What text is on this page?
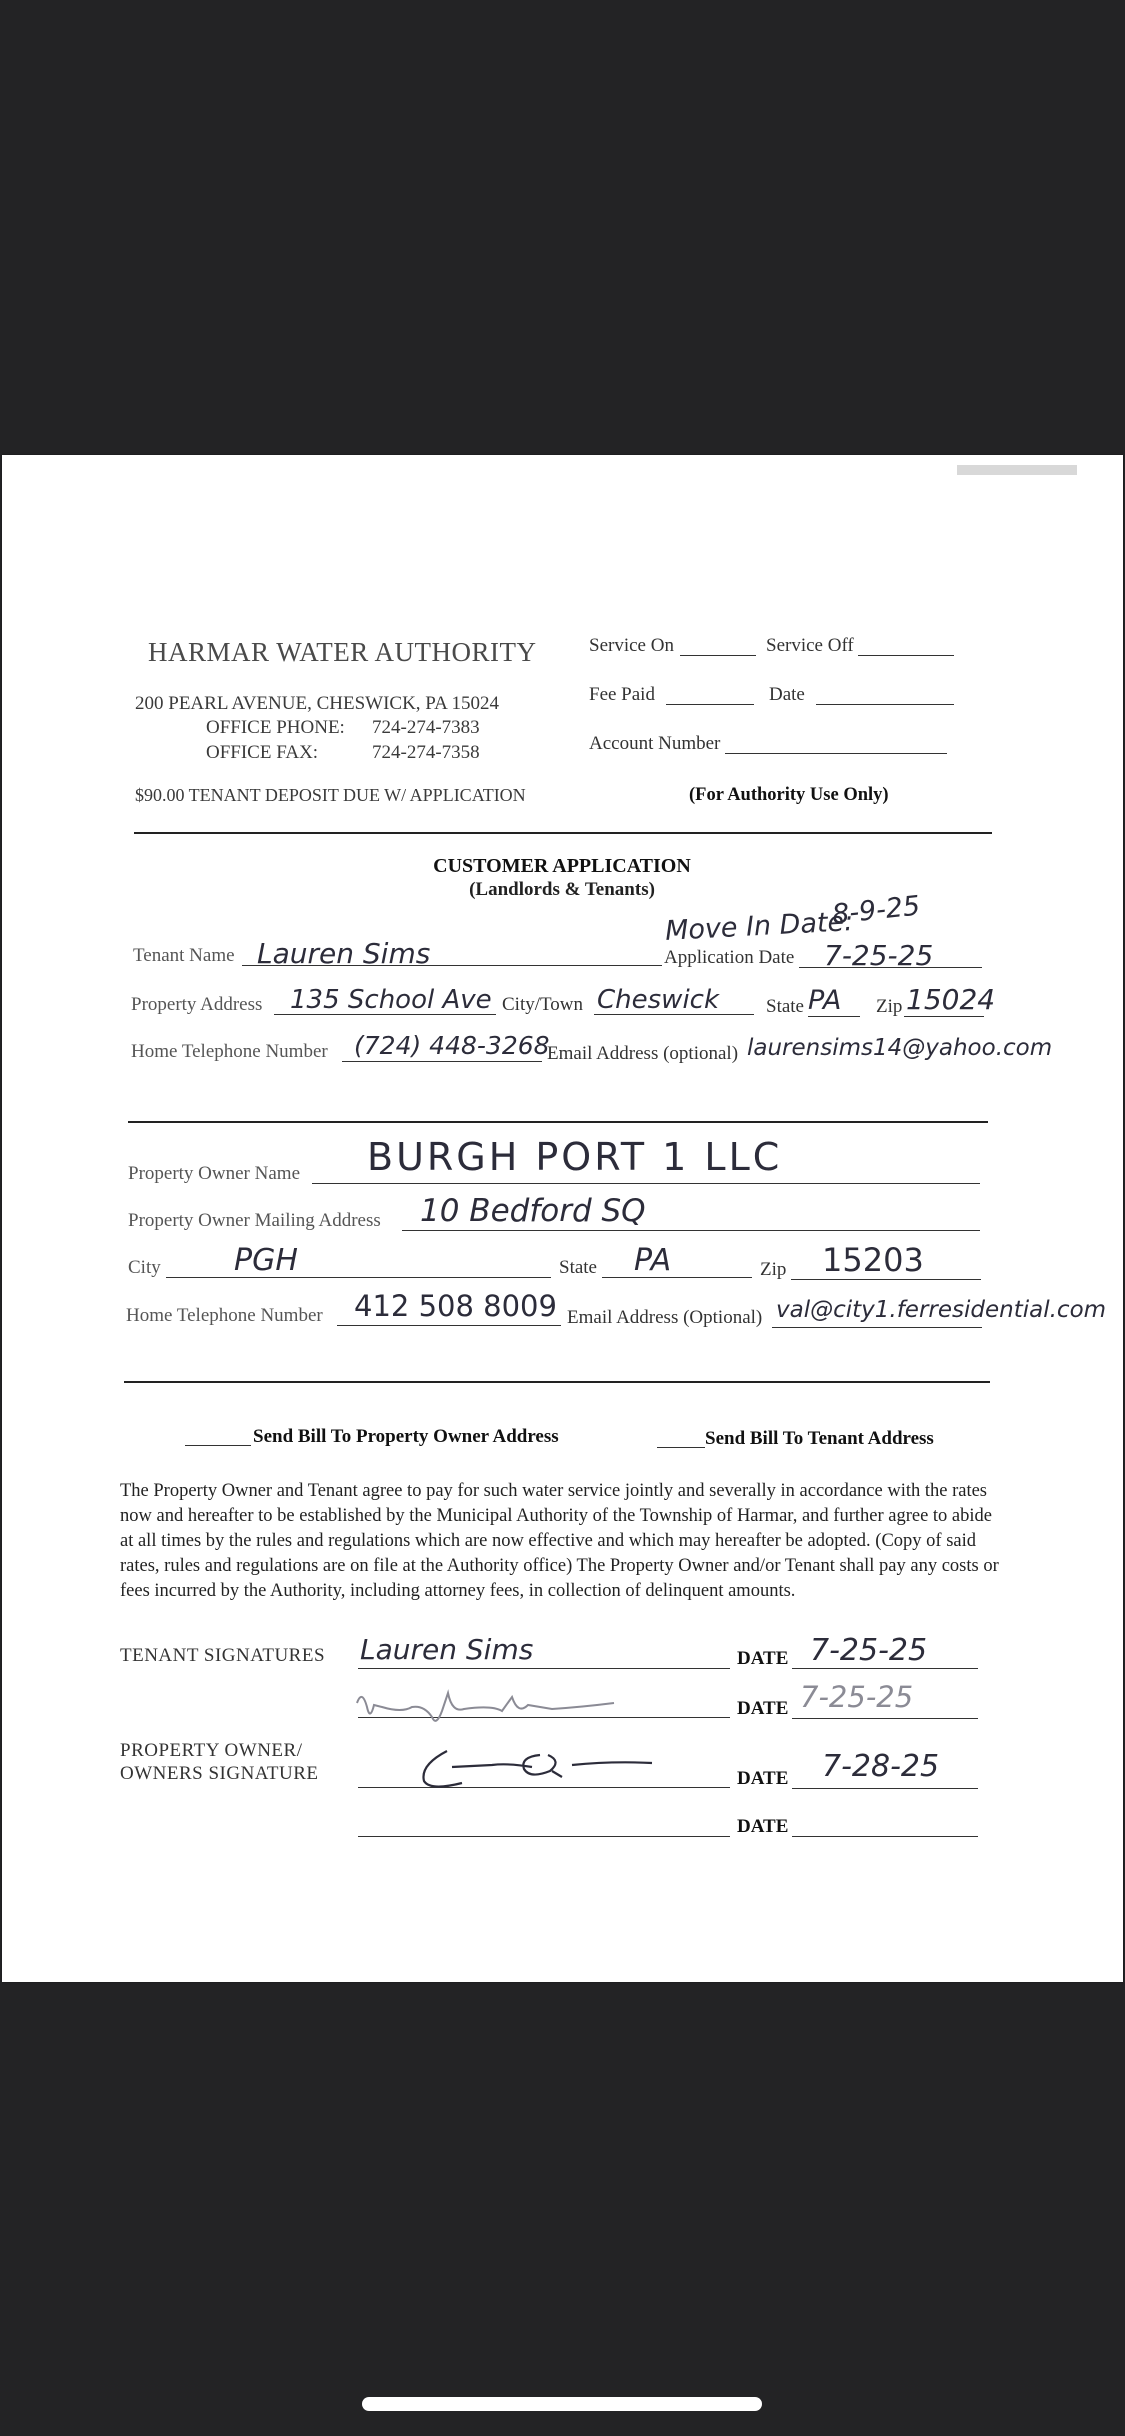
HARMAR WATER AUTHORITY
200 PEARL AVENUE, CHESWICK, PA 15024
OFFICE PHONE: 724-274-7383
OFFICE FAX:	724-274-7358
$90.00 TENANT DEPOSIT DUE W/ APPLICATION
Service On	Service Off
Fee Paid	Date
Account Number
(For Authority Use Only)
CUSTOMER APPLICATION
(Landlords & Tenants)
Move In Date:
8-9-25
Tenant Name Lauren Sims	Application Date 7-25-25
Property Address 135 School Ave City/Town Cheswick State PA Zip 15024
Home Telephone Number (724) 448-3268
Email Address (optional) laurensims14@yahoo.com
Property Owner Name BURGH PORT 1 LLC
Property Owner Mailing Address 10 Bedford SQ
City PGH	State PA	Zip 15203
Home Telephone Number 412 508 8009 Email Address (Optional) val@city1.ferresidential.com
Send Bill To Property Owner Address	Send Bill To Tenant Address
The Property Owner and Tenant agree to pay for such water service jointly and severally in accordance with the rates now and hereafter to be established by the Municipal Authority of the Township of Harmar, and further agree to abide at all times by the rules and regulations which are now effective and which may hereafter be adopted. (Copy of said rates, rules and regulations are on file at the Authority office) The Property Owner and/or Tenant shall pay any costs or fees incurred by the Authority, including attorney fees, in collection of delinquent amounts.
TENANT SIGNATURES Lauren Sims	DATE 7-25-25
DATE 7-25-25
PROPERTY OWNER/
OWNERS SIGNATURE	DATE 7-28-25
DATE
